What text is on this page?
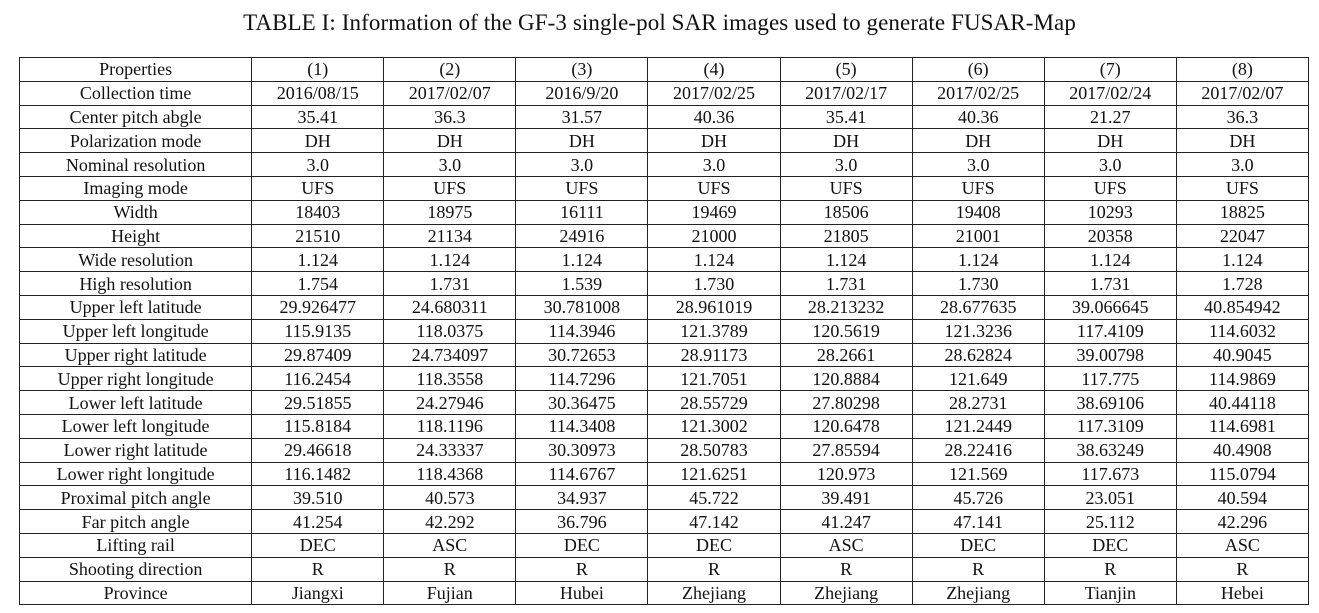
TABLE I: Information of the GF-3 single-pol SAR images used to generate FUSAR-Map
Properties	(1)	(2)	(3)	(4)	(5)	(6)	(7)	(8)
Collection time	2016/08/15	2017/02/07	2016/9/20	2017/02/25	2017/02/17	2017/02/25	2017/02/24	2017/02/07
Center pitch abgle	35.41	36.3	31.57	40.36	35.41	40.36	21.27	36.3
Polarization mode	DH	DH	DH	DH	DH	DH	DH	DH
Nominal resolution	3.0	3.0	3.0	3.0	3.0	3.0	3.0	3.0
Imaging mode	UFS	UFS	UFS	UFS	UFS	UFS	UFS	UFS
Width	18403	18975	16111	19469	18506	19408	10293	18825
Height	21510	21134	24916	21000	21805	21001	20358	22047
Wide resolution	1.124	1.124	1.124	1.124	1.124	1.124	1.124	1.124
High resolution	1.754	1.731	1.539	1.730	1.731	1.730	1.731	1.728
Upper left latitude	29.926477	24.680311	30.781008	28.961019	28.213232	28.677635	39.066645	40.854942
Upper left longitude	115.9135	118.0375	114.3946	121.3789	120.5619	121.3236	117.4109	114.6032
Upper right latitude	29.87409	24.734097	30.72653	28.91173	28.2661	28.62824	39.00798	40.9045
Upper right longitude	116.2454	118.3558	114.7296	121.7051	120.8884	121.649	117.775	114.9869
Lower left latitude	29.51855	24.27946	30.36475	28.55729	27.80298	28.2731	38.69106	40.44118
Lower left longitude	115.8184	118.1196	114.3408	121.3002	120.6478	121.2449	117.3109	114.6981
Lower right latitude	29.46618	24.33337	30.30973	28.50783	27.85594	28.22416	38.63249	40.4908
Lower right longitude	116.1482	118.4368	114.6767	121.6251	120.973	121.569	117.673	115.0794
Proximal pitch angle	39.510	40.573	34.937	45.722	39.491	45.726	23.051	40.594
Far pitch angle	41.254	42.292	36.796	47.142	41.247	47.141	25.112	42.296
Lifting rail	DEC	ASC	DEC	DEC	ASC	DEC	DEC	ASC
Shooting direction	R	R	R	R	R	R	R	R
Province	Jiangxi	Fujian	Hubei	Zhejiang	Zhejiang	Zhejiang	Tianjin	Hebei
